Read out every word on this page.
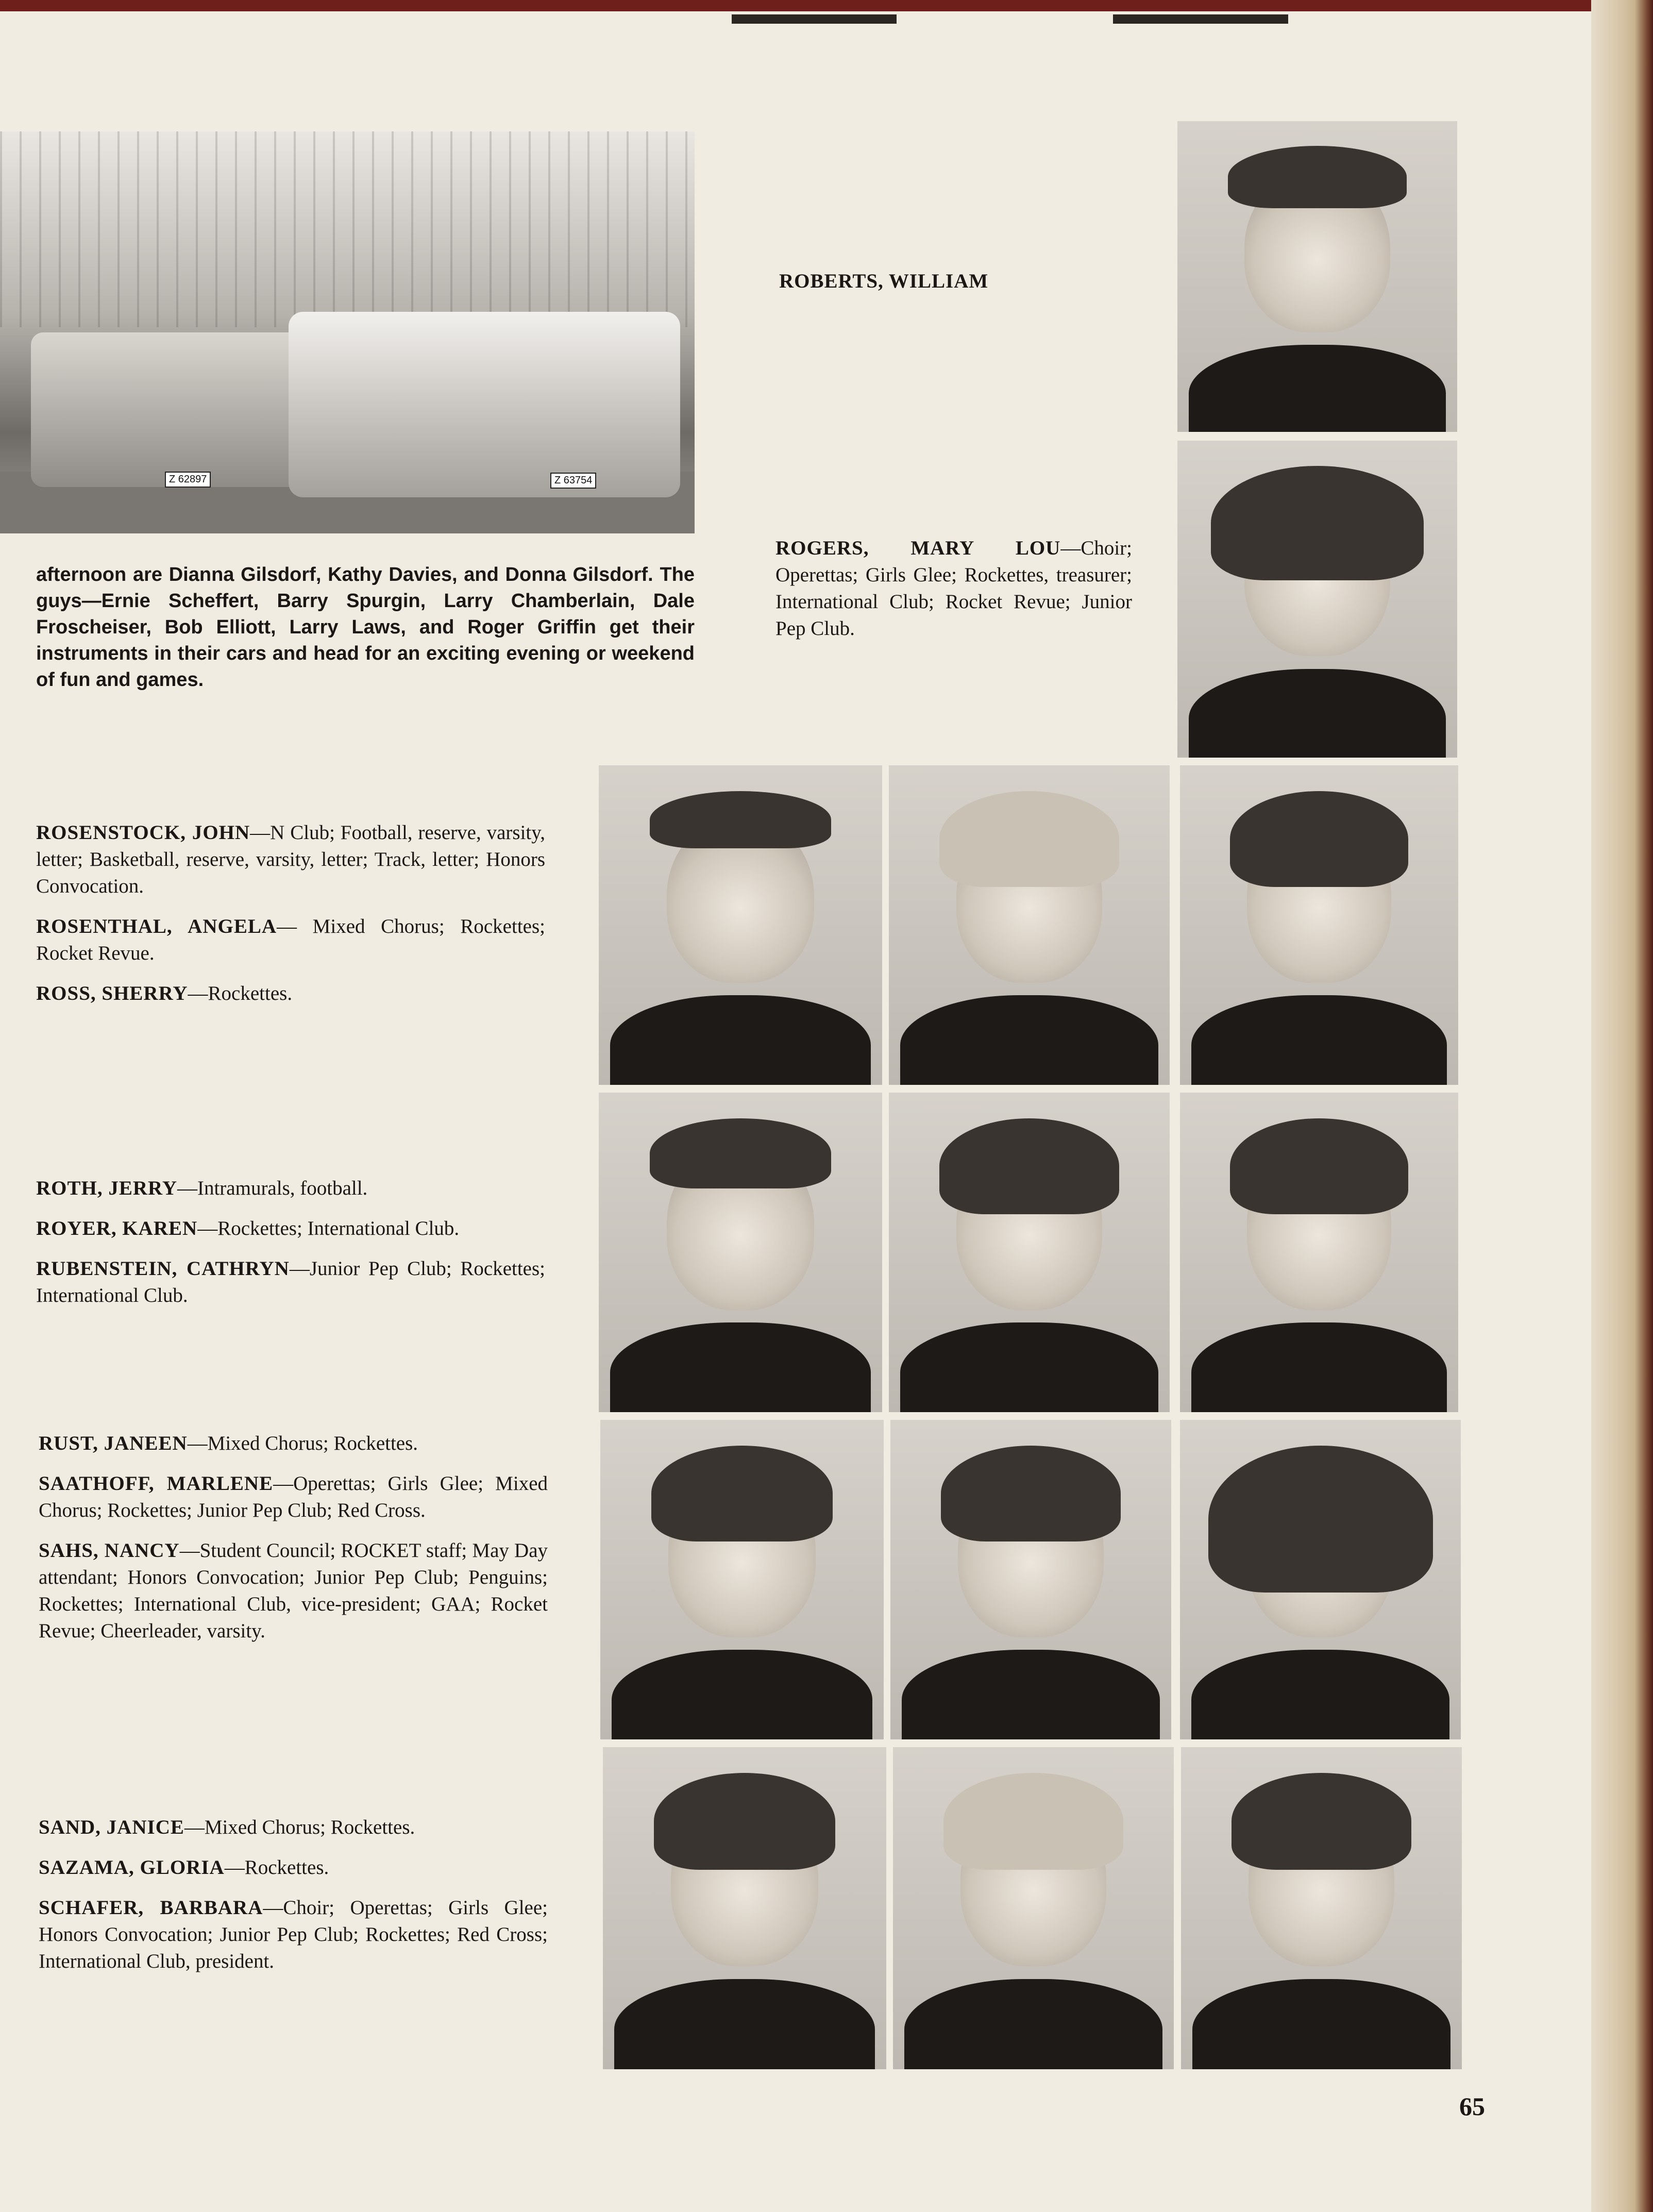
Z 62897	Z 63754
afternoon are Dianna Gilsdorf, Kathy Davies, and Donna Gilsdorf. The guys—Ernie Scheffert, Barry Spurgin, Larry Chamberlain, Dale Froscheiser, Bob Elliott, Larry Laws, and Roger Griffin get their instruments in their cars and head for an exciting evening or weekend of fun and games.
ROBERTS, WILLIAM
ROGERS, MARY LOU—Choir; Operettas; Girls Glee; Rockettes, treasurer; International Club; Rocket Revue; Junior Pep Club.
ROSENSTOCK, JOHN—N Club; Football, reserve, varsity, letter; Basketball, reserve, varsity, letter; Track, letter; Honors Convocation.
ROSENTHAL, ANGELA— Mixed Chorus; Rockettes; Rocket Revue.
ROSS, SHERRY—Rockettes.
ROTH, JERRY—Intramurals, football.
ROYER, KAREN—Rockettes; International Club.
RUBENSTEIN, CATHRYN—Junior Pep Club; Rockettes; International Club.
RUST, JANEEN—Mixed Chorus; Rockettes.
SAATHOFF, MARLENE—Operettas; Girls Glee; Mixed Chorus; Rockettes; Junior Pep Club; Red Cross.
SAHS, NANCY—Student Council; ROCKET staff; May Day attendant; Honors Convocation; Junior Pep Club; Penguins; Rockettes; International Club, vice-president; GAA; Rocket Revue; Cheerleader, varsity.
SAND, JANICE—Mixed Chorus; Rockettes.
SAZAMA, GLORIA—Rockettes.
SCHAFER, BARBARA—Choir; Operettas; Girls Glee; Honors Convocation; Junior Pep Club; Rockettes; Red Cross; International Club, president.
65
